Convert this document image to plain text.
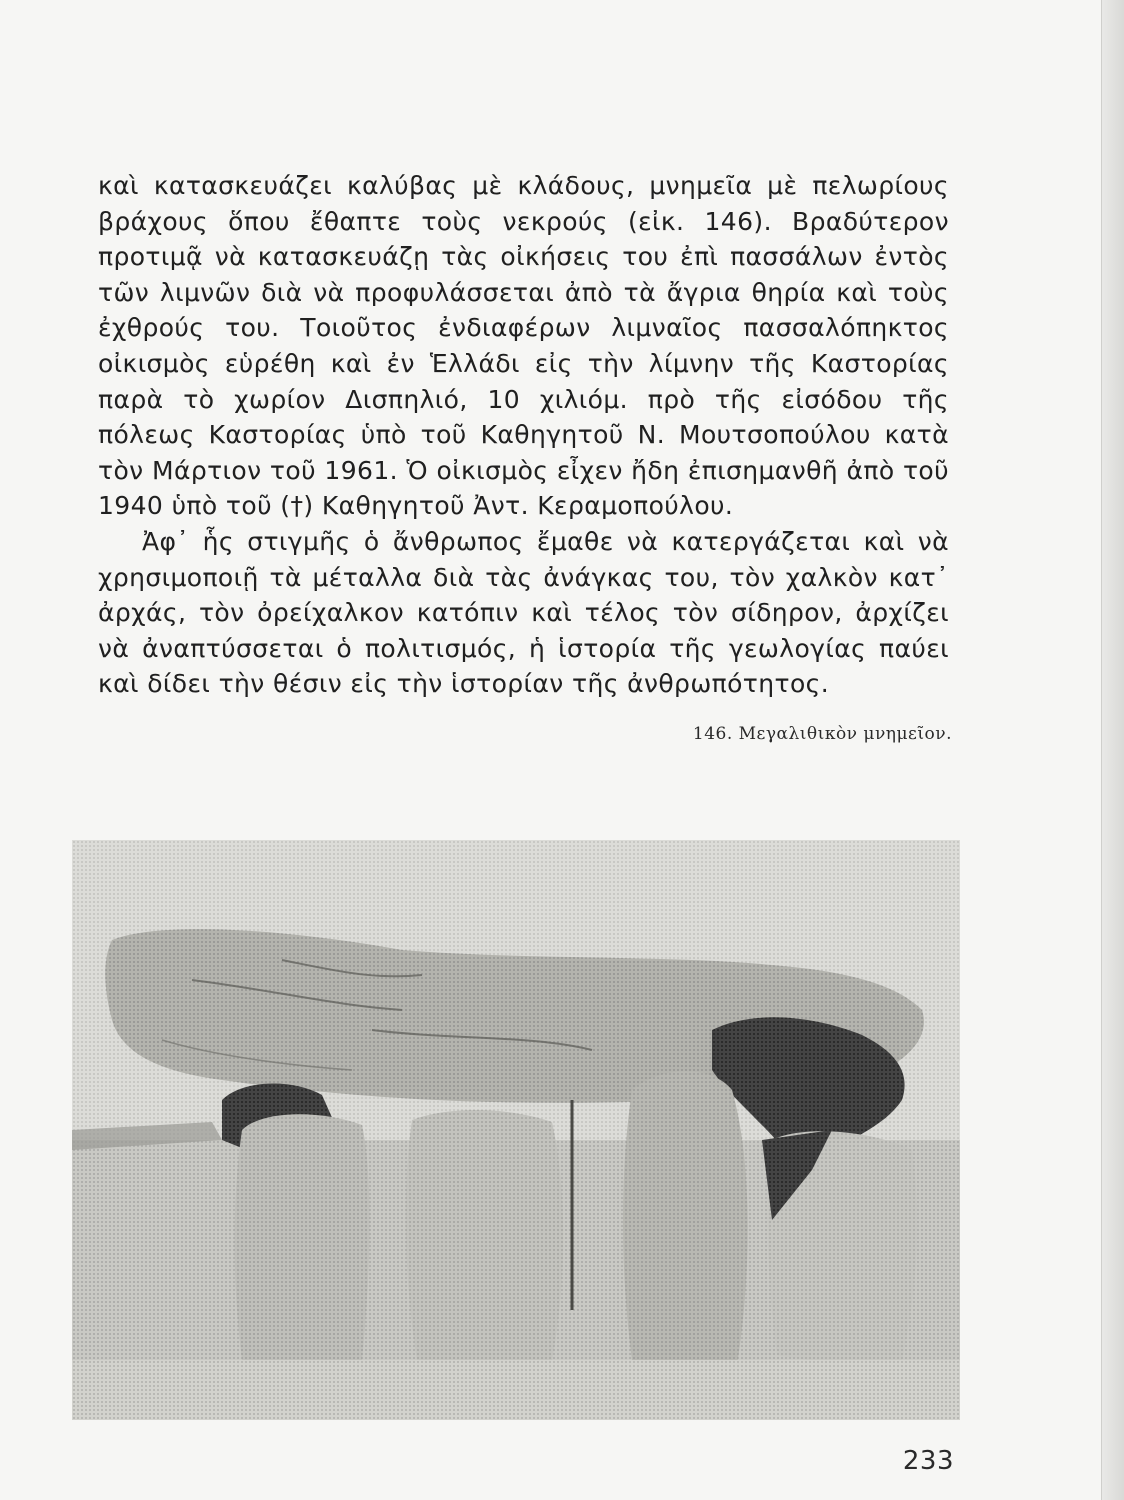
καὶ κατασκευάζει καλύβας μὲ κλάδους, μνημεῖα μὲ πελωρίους βράχους ὅπου ἔθαπτε τοὺς νεκρούς (εἰκ. 146). Βραδύτερον προτιμᾷ νὰ κατασκευάζῃ τὰς οἰκήσεις του ἐπὶ πασσάλων ἐντὸς τῶν λιμνῶν διὰ νὰ προφυλάσσεται ἀπὸ τὰ ἄγρια θηρία καὶ τοὺς ἐχθρούς του. Τοιοῦτος ἐνδιαφέρων λιμναῖος πασσαλόπηκτος οἰκισμὸς εὑρέθη καὶ ἐν Ἑλλάδι εἰς τὴν λίμνην τῆς Καστορίας παρὰ τὸ χωρίον Δισπηλιό, 10 χιλιόμ. πρὸ τῆς εἰσόδου τῆς πόλεως Καστορίας ὑπὸ τοῦ Καθηγητοῦ Ν. Μουτσοπούλου κατὰ τὸν Μάρτιον τοῦ 1961. Ὁ οἰκισμὸς εἶχεν ἤδη ἐπισημανθῆ ἀπὸ τοῦ 1940 ὑπὸ τοῦ (†) Καθηγητοῦ Ἀντ. Κεραμοπούλου.

Ἀφ᾽ ἧς στιγμῆς ὁ ἄνθρωπος ἔμαθε νὰ κατεργάζεται καὶ νὰ χρησιμοποιῇ τὰ μέταλλα διὰ τὰς ἀνάγκας του, τὸν χαλκὸν κατ᾽ ἀρχάς, τὸν ὀρείχαλκον κατόπιν καὶ τέλος τὸν σίδηρον, ἀρχίζει νὰ ἀναπτύσσεται ὁ πολιτισμός, ἡ ἱστορία τῆς γεωλογίας παύει καὶ δίδει τὴν θέσιν εἰς τὴν ἱστορίαν τῆς ἀνθρωπότητος.

146. Μεγαλιθικὸν μνημεῖον.
233
